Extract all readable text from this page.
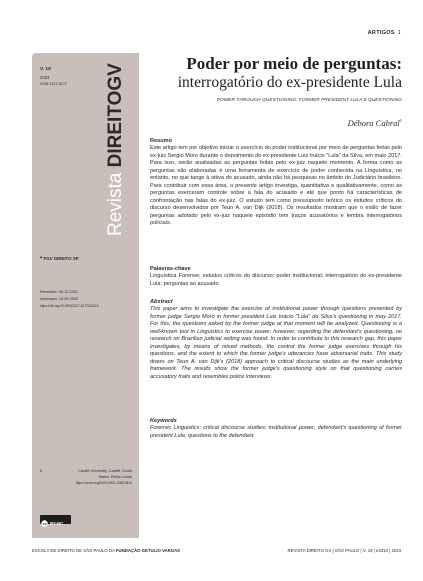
ARTIGOS 1
V. 19
2023
ISSN 2317-6172
Revista DIREITOGV
❝ FGV DIREITO SP
Recebido: 08.12.2021
Aprovado: 13.09.2022
https://doi.org/10.1590/2317-6172202310
1	Cardiff University, Cardiff, South
Wales, Reino Unido
https://orcid.org/0000-0003-1085-0810
cc BY-NC
Poder por meio de perguntas:
interrogatório do ex-presidente Lula
POWER THROUGH QUESTIONING: FORMER PRESIDENT LULA'S QUESTIONING
Débora Cabral$^1$
Resumo
Este artigo tem por objetivo iniciar o exercício do poder institucional por meio de perguntas feitas pelo ex-juiz Sergio Moro durante o depoimento do ex-presidente Luiz Inácio "Lula" da Silva, em maio 2017. Para isso, serão analisadas as perguntas feitas pelo ex-juiz naquele momento. A forma como as perguntas são elaboradas é uma ferramenta de exercício de poder conhecida na Linguística, no entanto, no que tange à oitiva do acusado, ainda não há pesquisas no âmbito do Judiciário brasileiro. Para contribuir com essa área, o presente artigo investiga, quantitativa e qualitativamente, como as perguntas exerceram controle sobre a fala do acusado e até que ponto há características de confrontação nas falas do ex-juiz. O estudo tem como pressuposto teórico os estudos críticos do discurso desenvolvidos por Teun A. van Dijk (2018). Os resultados mostram que o estilo de fazer perguntas adotado pelo ex-juiz naquele episódio tem traços acusatórios e lembra interrogatórios policiais.
Palavras-chave
Linguística Forense; estudos críticos do discurso; poder institucional; interrogatório do ex-presidente Lula; perguntas ao acusado.
Abstract
This paper aims to investigate the exercise of institutional power through questions presented by former judge Sergio Moro in former president Luiz Inácio "Lula" da Silva's questioning in may 2017. For this, the questions asked by the former judge at that moment will be analyzed. Questioning is a well-known tool in Linguistics to exercise power, however, regarding the defendant's questioning, no research on Brazilian judicial setting was found. In order to contribute to this research gap, this paper investigates, by means of mixed methods, the control the former judge exercises through his questions, and the extent to which the former judge's utterances have adversarial traits. This study draws on Teun A. van Dijk's (2018) approach to critical discourse studies as the main underlying framework. The results show the former judge's questioning style on that questioning carries accusatory traits and resembles police interviews.
Keywords
Forensic Linguistics; critical discourse studies; institutional power; defendant's questioning of former president Lula; questions to the defendant.
ESCOLA DE DIREITO DE SÃO PAULO DA FUNDAÇÃO GETULIO VARGAS	REVISTA DIREITO GV | SÃO PAULO | V. 19 | e2310 | 2023
